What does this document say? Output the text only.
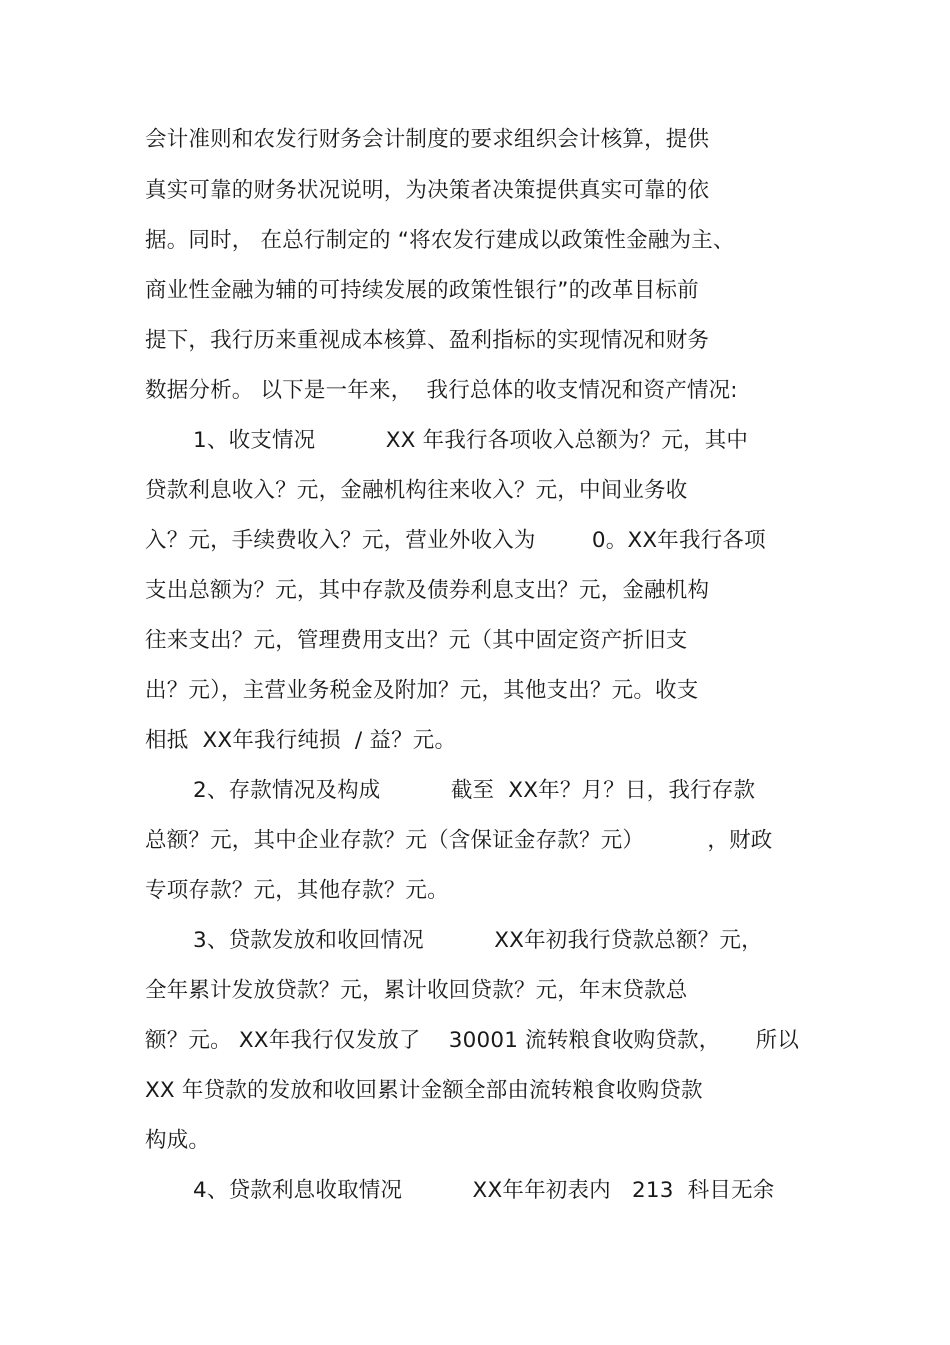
会计准则和农发行财务会计制度的要求组织会计核算，提供
真实可靠的财务状况说明，为决策者决策提供真实可靠的依
据。同时， 在总行制定的 “将农发行建成以政策性金融为主、
商业性金融为辅的可持续发展的政策性银行”的改革目标前
提下，我行历来重视成本核算、盈利指标的实现情况和财务
数据分析。 以下是一年来，  我行总体的收支情况和资产情况:
1、收支情况          XX 年我行各项收入总额为？元，其中
贷款利息收入？元，金融机构往来收入？元，中间业务收
入？元，手续费收入？元，营业外收入为        0。XX年我行各项
支出总额为？元，其中存款及债券利息支出？元，金融机构
往来支出？元，管理费用支出？元（其中固定资产折旧支
出？元），主营业务税金及附加？元，其他支出？元。收支
相抵  XX年我行纯损  / 益？元。
2、存款情况及构成          截至  XX年？月？日，我行存款
总额？元，其中企业存款？元（含保证金存款？元）         ，财政
专项存款？元，其他存款？元。
3、贷款发放和收回情况          XX年初我行贷款总额？元，
全年累计发放贷款？元，累计收回贷款？元，年末贷款总
额？元。 XX年我行仅发放了    30001 流转粮食收购贷款，     所以
XX 年贷款的发放和收回累计金额全部由流转粮食收购贷款
构成。
4、贷款利息收取情况          XX年年初表内   213  科目无余
